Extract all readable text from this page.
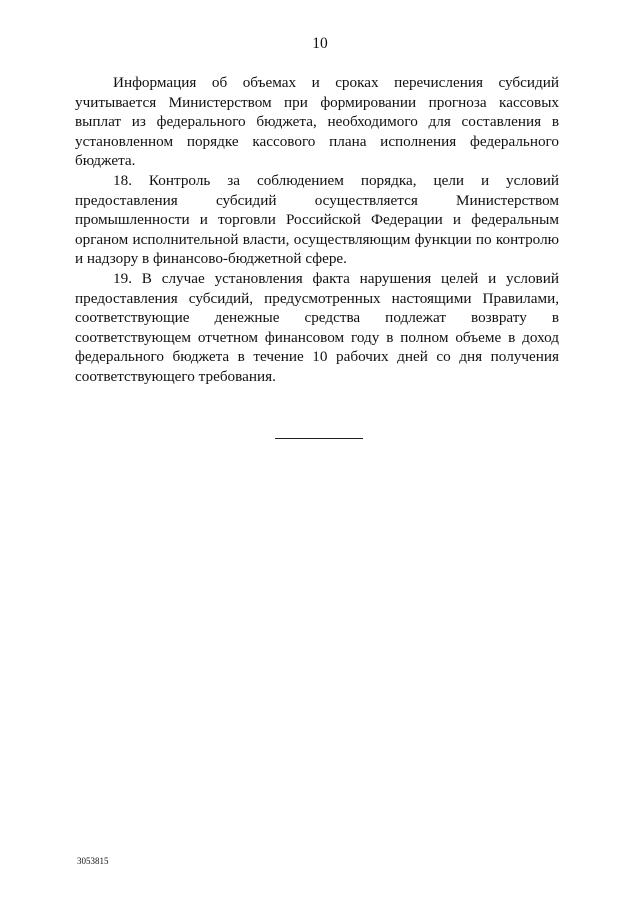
10

Информация об объемах и сроках перечисления субсидий учитывается Министерством при формировании прогноза кассовых выплат из федерального бюджета, необходимого для составления в установленном порядке кассового плана исполнения федерального бюджета.

18. Контроль за соблюдением порядка, цели и условий предоставления субсидий осуществляется Министерством промышленности и торговли Российской Федерации и федеральным органом исполнительной власти, осуществляющим функции по контролю и надзору в финансово-бюджетной сфере.

19. В случае установления факта нарушения целей и условий предоставления субсидий, предусмотренных настоящими Правилами, соответствующие денежные средства подлежат возврату в соответствующем отчетном финансовом году в полном объеме в доход федерального бюджета в течение 10 рабочих дней со дня получения соответствующего требования.

3053815
